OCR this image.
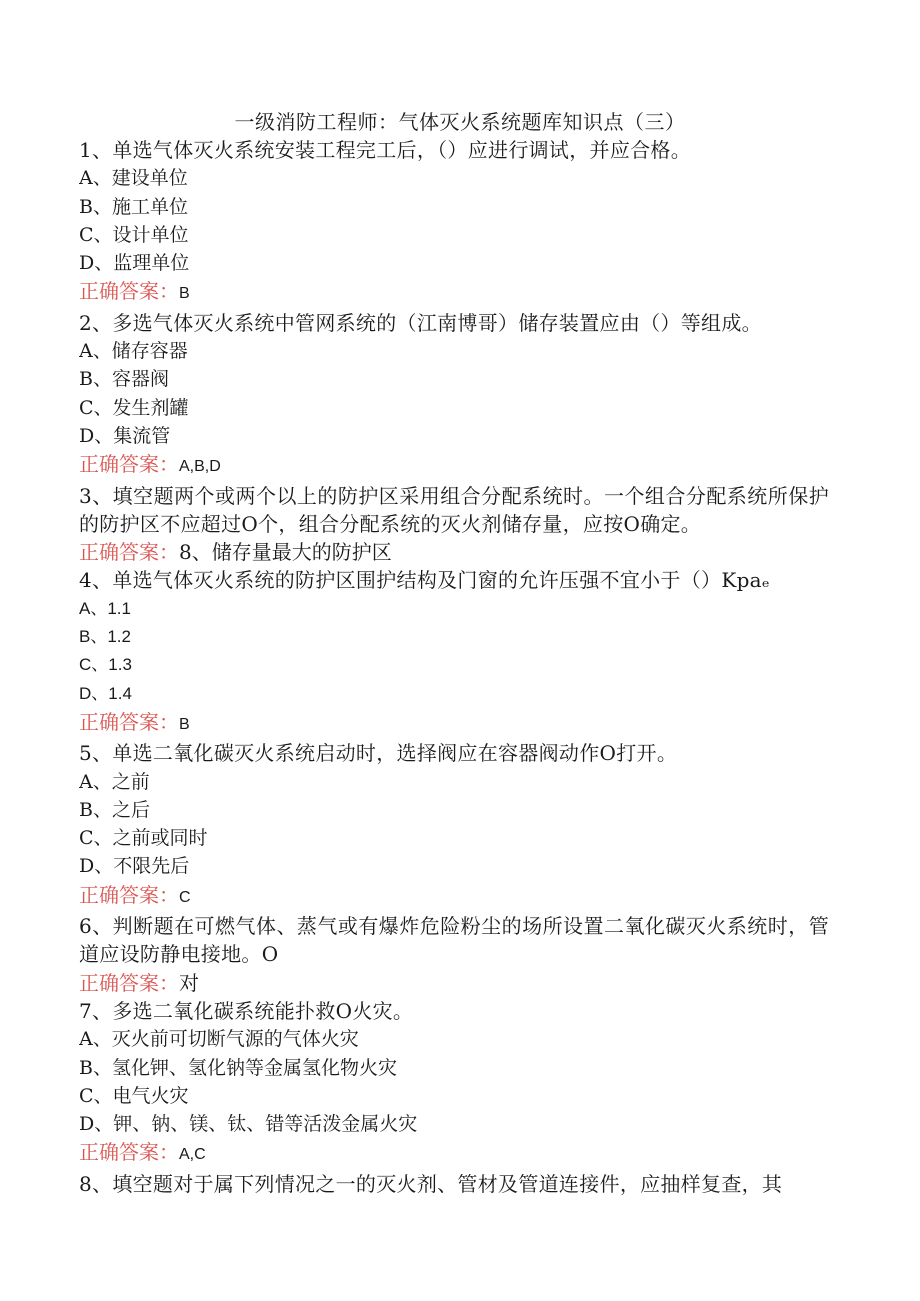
一级消防工程师：气体灭火系统题库知识点（三）
1、单选气体灭火系统安装工程完工后，（）应进行调试，并应合格。
A、建设单位
B、施工单位
C、设计单位
D、监理单位
正确答案：B
2、多选气体灭火系统中管网系统的（江南博哥）储存装置应由（）等组成。
A、储存容器
B、容器阀
C、发生剂罐
D、集流管
正确答案：A,B,D
3、填空题两个或两个以上的防护区采用组合分配系统时。一个组合分配系统所保护的防护区不应超过O个，组合分配系统的灭火剂储存量，应按O确定。
正确答案：8、储存量最大的防护区
4、单选气体灭火系统的防护区围护结构及门窗的允许压强不宜小于（）Kpaₑ
A、1.1
B、1.2
C、1.3
D、1.4
正确答案：B
5、单选二氧化碳灭火系统启动时，选择阀应在容器阀动作O打开。
A、之前
B、之后
C、之前或同时
D、不限先后
正确答案：C
6、判断题在可燃气体、蒸气或有爆炸危险粉尘的场所设置二氧化碳灭火系统时，管道应设防静电接地。O
正确答案：对
7、多选二氧化碳系统能扑救O火灾。
A、灭火前可切断气源的气体火灾
B、氢化钾、氢化钠等金属氢化物火灾
C、电气火灾
D、钾、钠、镁、钛、错等活泼金属火灾
正确答案：A,C
8、填空题对于属下列情况之一的灭火剂、管材及管道连接件，应抽样复查，其
